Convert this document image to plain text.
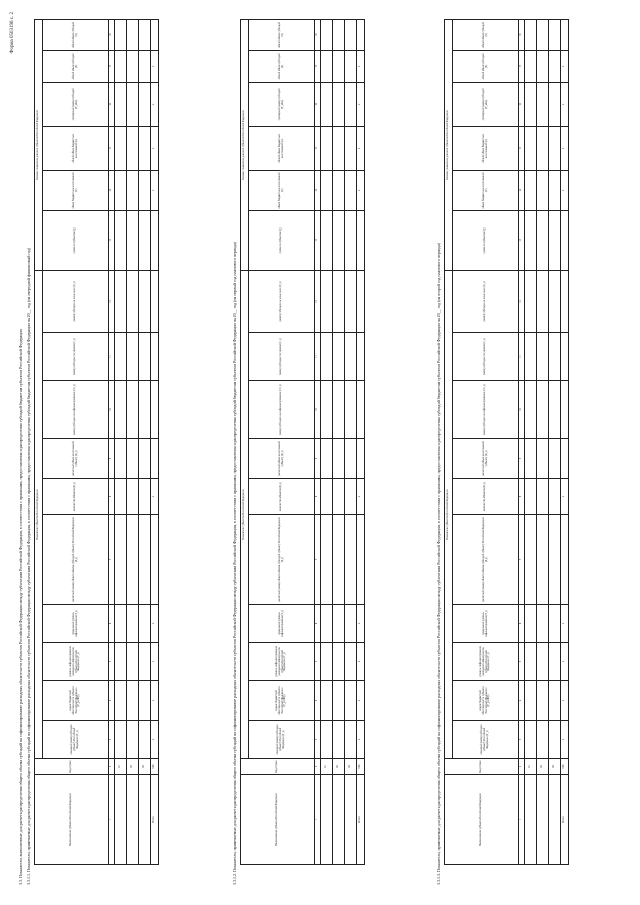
Форма 0503196 с. 2
3.3. Показатели, выполненные для расчета распределения общего объема субсидий на софинансирование расходных обязательств субъектов Российской Федерации между субъектами Российской Федерации, в соответствии с правилами, предоставления и распределения субсидий бюджетам субъектов Российской Федерации 3.3.1.1. Показатели, применяемые для расчета распределения общего объема субсидий на софинансирование расходных обязательств субъектов Российской Федерации между субъектами Российской Федерации, в соответствии с правилами, предоставления и распределения субсидий бюджетам субъектов Российской Федерации на 20__ год (на очередной финансовый год)	Наименование субъекта Российской Федерации	Код строки	Показатели субъектов Российской Федерации										Базовые показатели для всех субъектов Российской Федерации					
		плановый размер субсидии субъекту Российской Федерации (T_i)	индекс бюджетной обеспеченности субъекта Российской Федерации (P_{i,ПИ})	уровень софинансирования расходного обязательства субъекта Российской Федерации (Y_i)	предельный уровень софинансирования (У_i)	расчетный размер общего объема субсидий субъекту Российской Федерации (S_i)	количество объектов (K_i)	расчетный объем ассигнований субъекту (R_i)	размер субсидии на софинансирование (СС_i)	размер субсидии по уровню (С_i)	размер субсидии на иные цели (О_i)	сумма по субъектам (∑)	объем бюджетных ассигнований (V)	общий объем бюджетных ассигнований (G)	суммарный размер субсидий (T_общ)	общий объем субсидий (S)	общий объем субсидий (S)
1	2	3	4	5	6	7	8	9	10	11	12	13	14	15	16	17	18
	01																
	02																
	03																
Итого	900	x	x	x	x		x						x	x	x	x	
3.3.1.2. Показатели, применяемые для расчета распределения общего объема субсидий на софинансирование расходных обязательств субъектов Российской Федерации между субъектами Российской Федерации, в соответствии с правилами, предоставления и распределения субсидий бюджетам субъектов Российской Федерации на 20__ год (на первый год планового периода)	Наименование субъекта Российской Федерации	Код строки	Показатели субъектов Российской Федерации										Базовые показатели для всех субъектов Российской Федерации					
		плановый размер субсидии субъекту Российской Федерации (T_i)	индекс бюджетной обеспеченности субъекта Российской Федерации (P_{i,ПИ})	уровень софинансирования расходного обязательства субъекта Российской Федерации (Y_i)	предельный уровень софинансирования (У_i)	расчетный размер общего объема субсидий субъекту Российской Федерации (S_i)	количество объектов (K_i)	расчетный объем ассигнований субъекту (R_i)	размер субсидии на софинансирование (СС_i)	размер субсидии по уровню (С_i)	размер субсидии на иные цели (О_i)	сумма по субъектам (∑)	объем бюджетных ассигнований (V)	общий объем бюджетных ассигнований (G)	суммарный размер субсидий (T_общ)	общий объем субсидий (S)	общий объем субсидий (S)
1	2	3	4	5	6	7	8	9	10	11	12	13	14	15	16	17	18
	01																
	02																
	03																
Итого	900	x	x	x	x		x						x	x	x	x	
3.3.1.3. Показатели, применяемые для расчета распределения общего объема субсидий на софинансирование расходных обязательств субъектов Российской Федерации между субъектами Российской Федерации, в соответствии с правилами, предоставления и распределения субсидий бюджетам субъектов Российской Федерации на 20__ год (на второй год планового периода)	Наименование субъекта Российской Федерации	Код строки	Показатели субъектов Российской Федерации										Базовые показатели для всех субъектов Российской Федерации					
		плановый размер субсидии субъекту Российской Федерации (T_i)	индекс бюджетной обеспеченности субъекта Российской Федерации (P_{i,ПИ})	уровень софинансирования расходного обязательства субъекта Российской Федерации (Y_i)	предельный уровень софинансирования (У_i)	расчетный размер общего объема субсидий субъекту Российской Федерации (S_i)	количество объектов (K_i)	расчетный объем ассигнований субъекту (R_i)	размер субсидии на софинансирование (СС_i)	размер субсидии по уровню (С_i)	размер субсидии на иные цели (О_i)	сумма по субъектам (∑)	объем бюджетных ассигнований (V)	общий объем бюджетных ассигнований (G)	суммарный размер субсидий (T_общ)	общий объем субсидий (S)	общий объем субсидий (S)
1	2	3	4	5	6	7	8	9	10	11	12	13	14	15	16	17	18
	01																
	02																
	03																
Итого	900	x	x	x	x		x						x	x	x	x	
